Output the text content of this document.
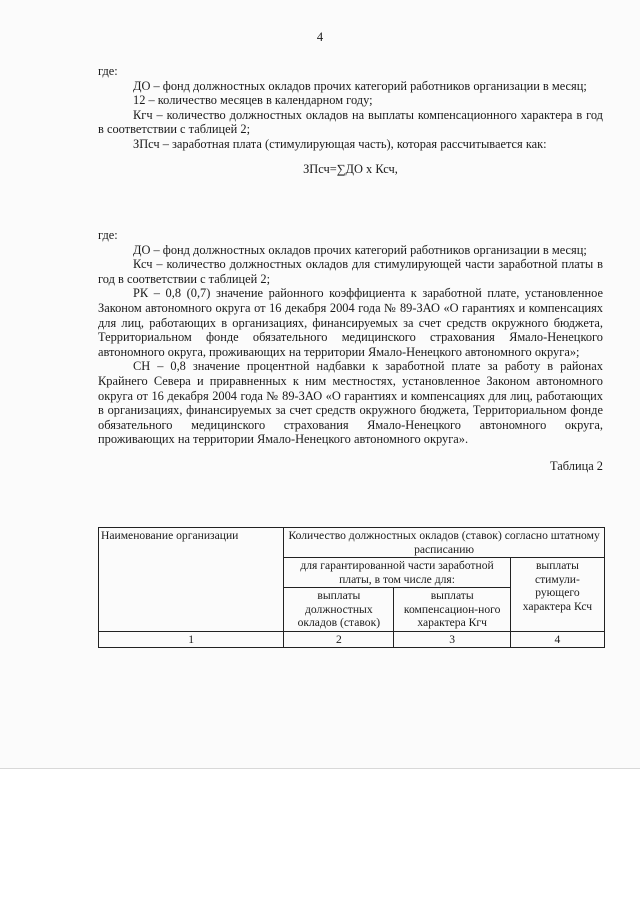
4

где:

ДО – фонд должностных окладов прочих категорий работников организации в месяц;

12 – количество месяцев в календарном году;

Кгч – количество должностных окладов на выплаты компенсационного характера в год в соответствии с таблицей 2;

ЗПсч – заработная плата (стимулирующая часть), которая рассчитывается как:

ЗПсч=∑ДО х Ксч,

где:

ДО – фонд должностных окладов прочих категорий работников организации в месяц;

Ксч – количество должностных окладов для стимулирующей части заработной платы в год в соответствии с таблицей 2;

РК – 0,8 (0,7) значение районного коэффициента к заработной плате, установленное Законом автономного округа от 16 декабря 2004 года № 89-ЗАО «О гарантиях и компенсациях для лиц, работающих в организациях, финансируемых за счет средств окружного бюджета, Территориальном фонде обязательного медицинского страхования Ямало-Ненецкого автономного округа, проживающих на территории Ямало-Ненецкого автономного округа»;

СН – 0,8 значение процентной надбавки к заработной плате за работу в районах Крайнего Севера и приравненных к ним местностях, установленное Законом автономного округа от 16 декабря 2004 года № 89-ЗАО «О гарантиях и компенсациях для лиц, работающих в организациях, финансируемых за счет средств окружного бюджета, Территориальном фонде обязательного медицинского страхования Ямало-Ненецкого автономного округа, проживающих на территории Ямало-Ненецкого автономного округа».

Таблица 2

Наименование организации	Количество должностных окладов (ставок) согласно штатному расписанию		
	для гарантированной части заработной платы, в том числе для:		выплаты стимули-рующего характера Ксч
	выплаты должностных окладов (ставок)	выплаты компенсацион-ного характера Кгч	
1	2	3	4
